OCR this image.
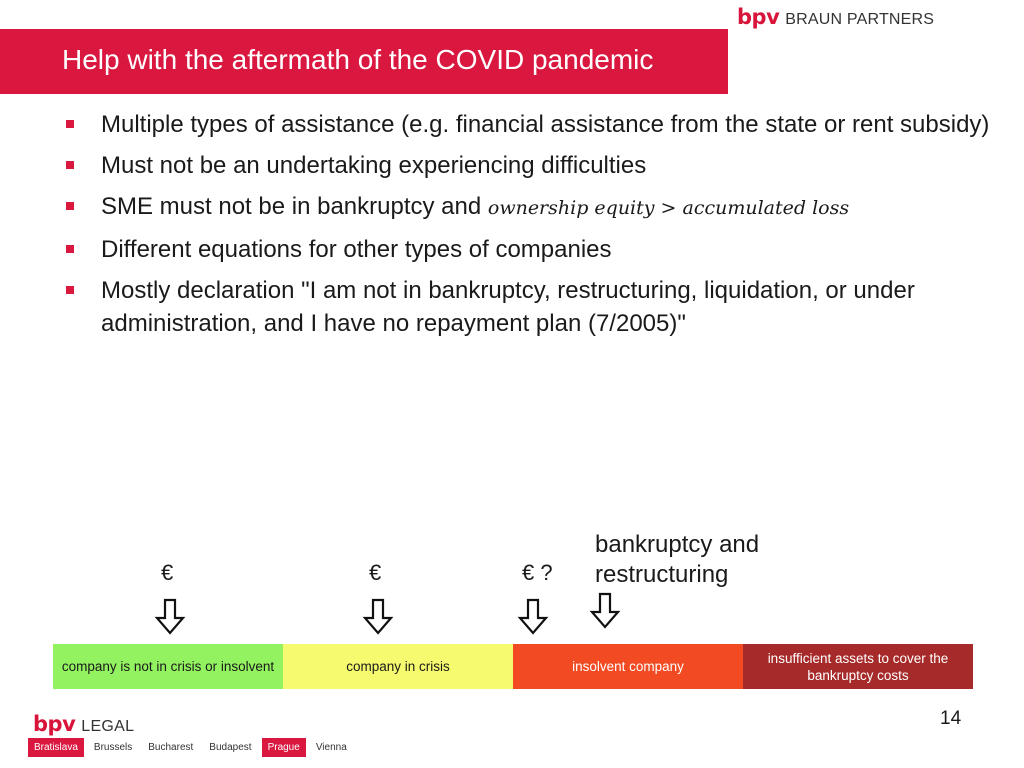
bpv BRAUN PARTNERS
Help with the aftermath of the COVID pandemic
Multiple types of assistance (e.g. financial assistance from the state or rent subsidy)
Must not be an undertaking experiencing difficulties
SME must not be in bankruptcy and ownership equity > accumulated loss
Different equations for other types of companies
Mostly declaration "I am not in bankruptcy, restructuring, liquidation, or under administration, and I have no repayment plan (7/2005)"
€	€	€ ?
bankruptcy and
restructuring
company is not in crisis or insolvent	company in crisis	insolvent company
insufficient assets to cover the bankruptcy costs
14
bpv LEGAL
Bratislava	Brussels	Bucharest	Budapest	Prague	Vienna
